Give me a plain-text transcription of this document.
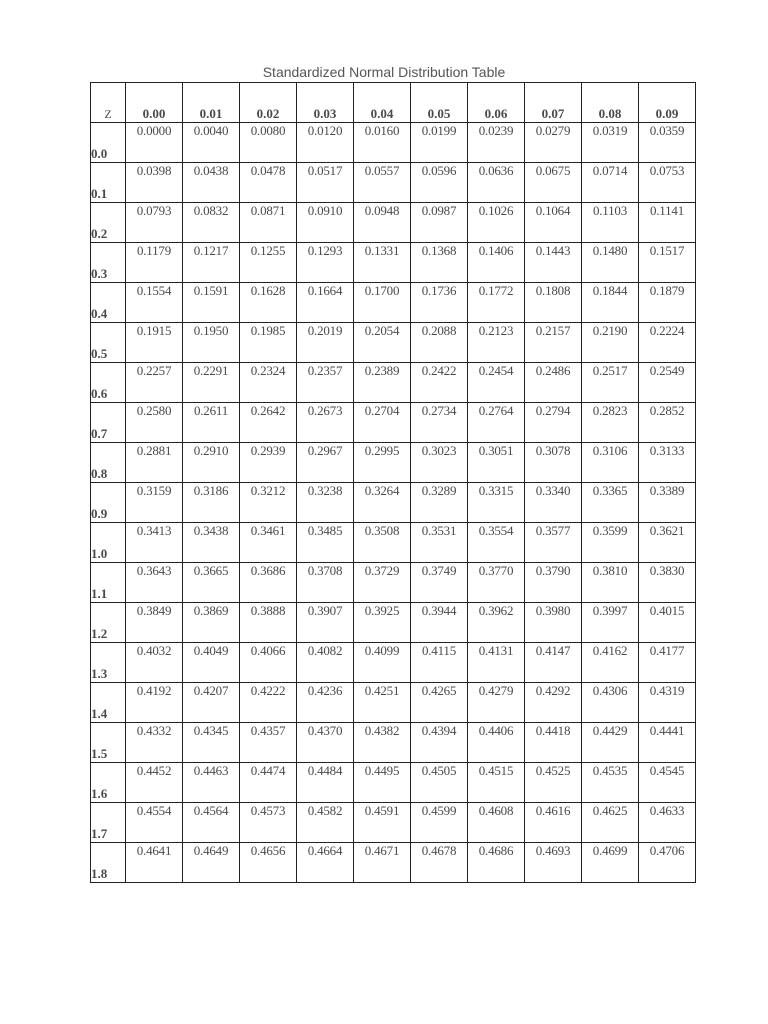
Standardized Normal Distribution Table
Z	0.00	0.01	0.02	0.03	0.04	0.05	0.06	0.07	0.08	0.09
0.0	0.0000	0.0040	0.0080	0.0120	0.0160	0.0199	0.0239	0.0279	0.0319	0.0359
0.1	0.0398	0.0438	0.0478	0.0517	0.0557	0.0596	0.0636	0.0675	0.0714	0.0753
0.2	0.0793	0.0832	0.0871	0.0910	0.0948	0.0987	0.1026	0.1064	0.1103	0.1141
0.3	0.1179	0.1217	0.1255	0.1293	0.1331	0.1368	0.1406	0.1443	0.1480	0.1517
0.4	0.1554	0.1591	0.1628	0.1664	0.1700	0.1736	0.1772	0.1808	0.1844	0.1879
0.5	0.1915	0.1950	0.1985	0.2019	0.2054	0.2088	0.2123	0.2157	0.2190	0.2224
0.6	0.2257	0.2291	0.2324	0.2357	0.2389	0.2422	0.2454	0.2486	0.2517	0.2549
0.7	0.2580	0.2611	0.2642	0.2673	0.2704	0.2734	0.2764	0.2794	0.2823	0.2852
0.8	0.2881	0.2910	0.2939	0.2967	0.2995	0.3023	0.3051	0.3078	0.3106	0.3133
0.9	0.3159	0.3186	0.3212	0.3238	0.3264	0.3289	0.3315	0.3340	0.3365	0.3389
1.0	0.3413	0.3438	0.3461	0.3485	0.3508	0.3531	0.3554	0.3577	0.3599	0.3621
1.1	0.3643	0.3665	0.3686	0.3708	0.3729	0.3749	0.3770	0.3790	0.3810	0.3830
1.2	0.3849	0.3869	0.3888	0.3907	0.3925	0.3944	0.3962	0.3980	0.3997	0.4015
1.3	0.4032	0.4049	0.4066	0.4082	0.4099	0.4115	0.4131	0.4147	0.4162	0.4177
1.4	0.4192	0.4207	0.4222	0.4236	0.4251	0.4265	0.4279	0.4292	0.4306	0.4319
1.5	0.4332	0.4345	0.4357	0.4370	0.4382	0.4394	0.4406	0.4418	0.4429	0.4441
1.6	0.4452	0.4463	0.4474	0.4484	0.4495	0.4505	0.4515	0.4525	0.4535	0.4545
1.7	0.4554	0.4564	0.4573	0.4582	0.4591	0.4599	0.4608	0.4616	0.4625	0.4633
1.8	0.4641	0.4649	0.4656	0.4664	0.4671	0.4678	0.4686	0.4693	0.4699	0.4706
